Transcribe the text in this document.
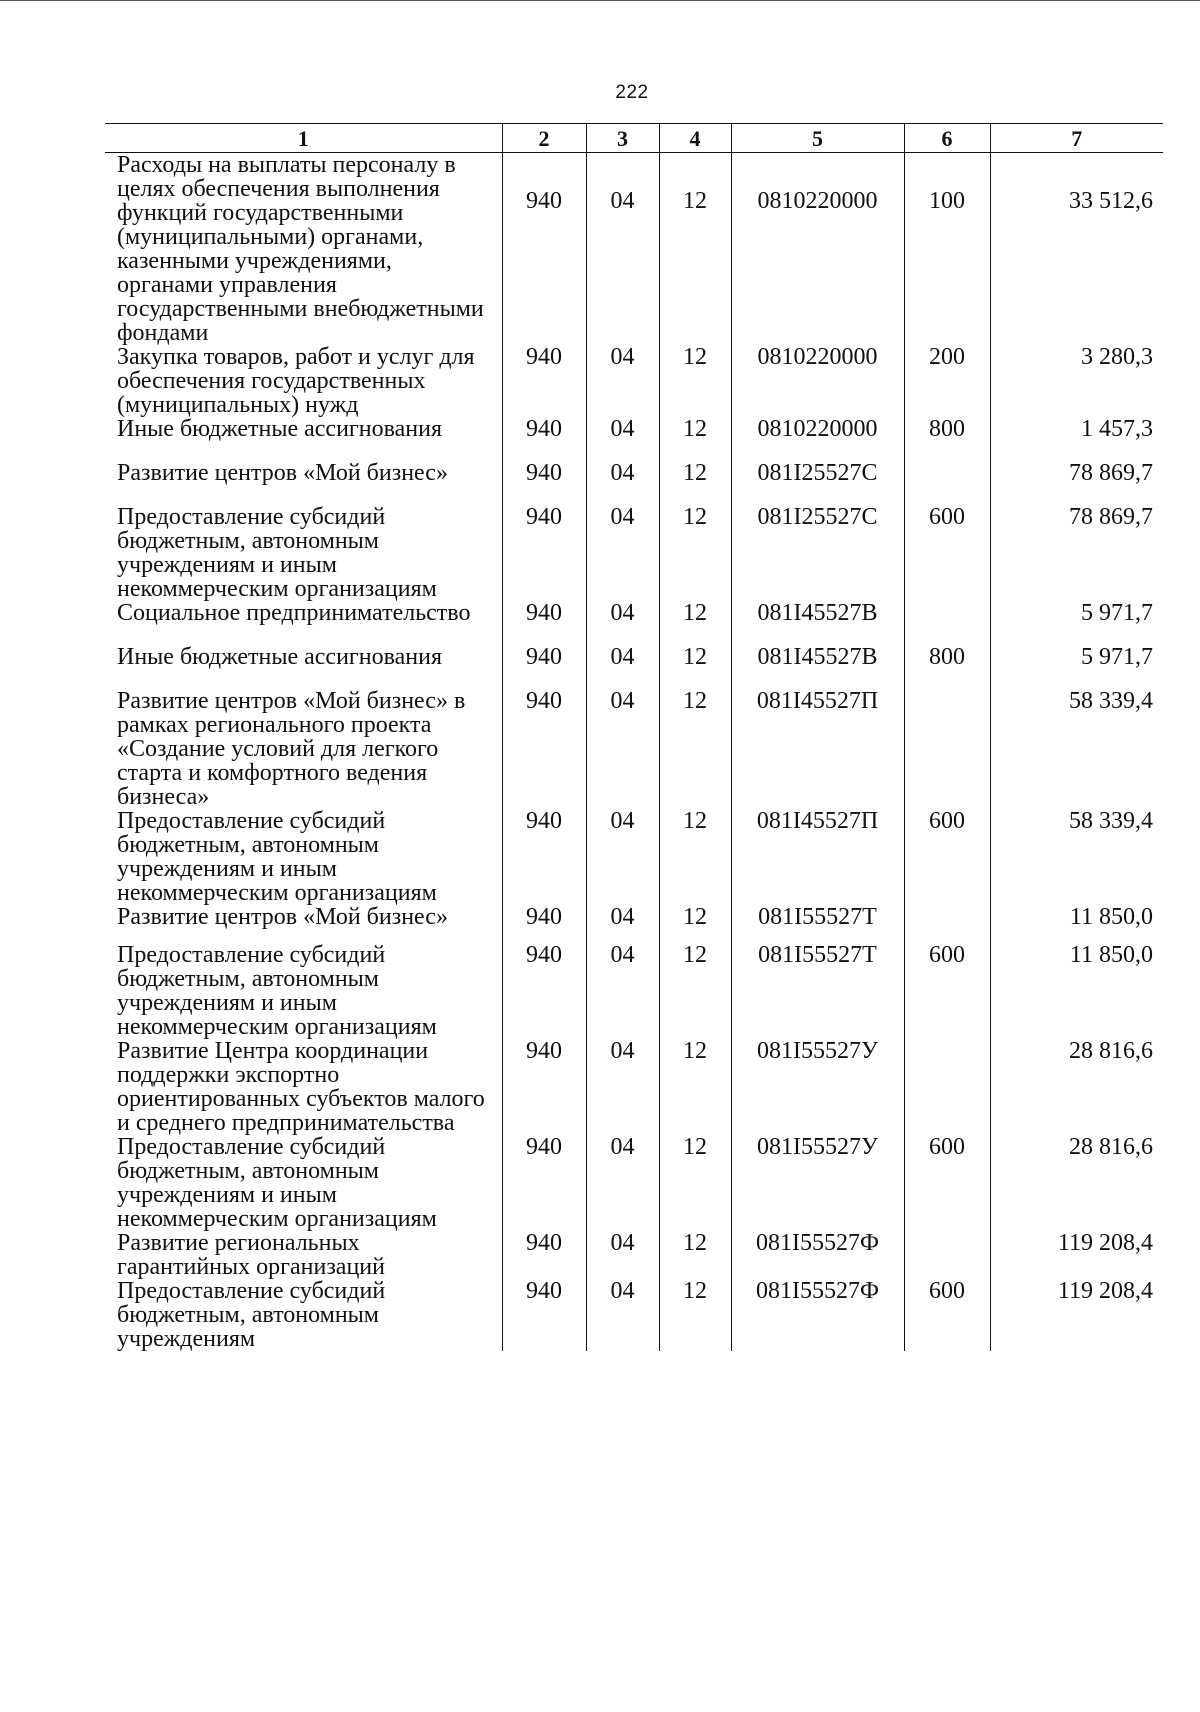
222
1	2	3	4	5	6	7
Расходы на выплаты персоналу в целях обеспечения выполнения функций государственными (муниципальными) органами, казенными учреждениями, органами управления государственными внебюджетными фондами	940	04	12	0810220000	100	33 512,6
Закупка товаров, работ и услуг для обеспечения государственных (муниципальных) нужд	940	04	12	0810220000	200	3 280,3
Иные бюджетные ассигнования	940	04	12	0810220000	800	1 457,3
Развитие центров «Мой бизнес»	940	04	12	081I25527C		78 869,7
Предоставление субсидий бюджетным, автономным учреждениям и иным некоммерческим организациям	940	04	12	081I25527C	600	78 869,7
Социальное предпринимательство	940	04	12	081I45527B		5 971,7
Иные бюджетные ассигнования	940	04	12	081I45527B	800	5 971,7
Развитие центров «Мой бизнес» в рамках регионального проекта «Создание условий для легкого старта и комфортного ведения бизнеса»	940	04	12	081I45527П		58 339,4
Предоставление субсидий бюджетным, автономным учреждениям и иным некоммерческим организациям	940	04	12	081I45527П	600	58 339,4
Развитие центров «Мой бизнес»	940	04	12	081I55527T		11 850,0
Предоставление субсидий бюджетным, автономным учреждениям и иным некоммерческим организациям	940	04	12	081I55527T	600	11 850,0
Развитие Центра координации поддержки экспортно ориентированных субъектов малого и среднего предпринимательства	940	04	12	081I55527У		28 816,6
Предоставление субсидий бюджетным, автономным учреждениям и иным некоммерческим организациям	940	04	12	081I55527У	600	28 816,6
Развитие региональных гарантийных организаций	940	04	12	081I55527Ф		119 208,4
Предоставление субсидий бюджетным, автономным учреждениям	940	04	12	081I55527Ф	600	119 208,4
